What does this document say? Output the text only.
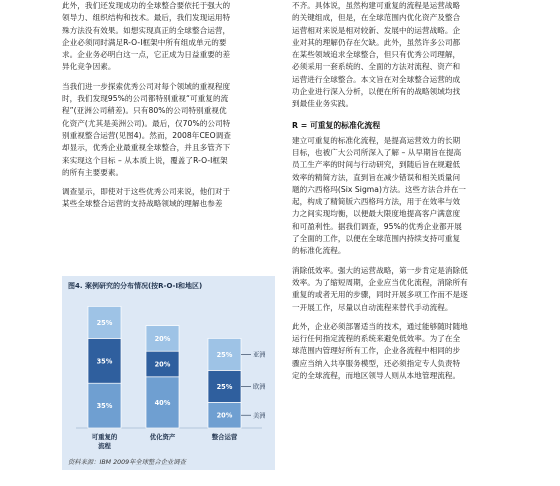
此外，我们还发现成功的全球整合要依托于强大的
领导力、组织结构和技术。最后，我们发现运用特
殊方法没有效果。如想实现真正的全球整合运营，
企业必须同时满足R-O-I框架中所有组成单元的要
求。企业务必明白这一点，它正成为日益重要的差
异化竞争因素。
当我们进一步探索优秀公司对每个领域的重视程度
时，我们发现95%的公司都特别重视“可重复的流
程”(亚洲公司稍差)。只有80%的公司特别重视优
化资产(尤其是美洲公司)。最后，仅70%的公司特
别重视整合运营(见图4)。然而，2008年CEO调查
却显示，优秀企业最重视全球整合，并且多管齐下
来实现这个目标 – 从本质上说，覆盖了R-O-I框架
的所有主要要素。
调查显示，即使对于这些优秀公司来说，他们对于
某些全球整合运营的支持战略领域的理解也参差
不齐。具体说，虽然构建可重复的流程是运营战略
的关键组成，但是，在全球范围内优化资产及整合
运营相对来说是相对较新、发展中的运营战略。企
业对其的理解仍存在欠缺。此外，虽然许多公司都
在某些领域追求全球整合，但只有优秀公司理解，
必须采用一套系统的、全面的方法对流程、资产和
运营进行全球整合。本文旨在对全球整合运营的成
功企业进行深入分析，以便在所有的战略领域均找
到最佳业务实践。
R = 可重复的标准化流程
建立可重复的标准化流程，是提高运营效力的长期
目标，也被广大公司所深入了解 – 从早期旨在提高
员工生产率的时间与行动研究，到随后旨在规避低
效率的精简方法，直到旨在减少错误和相关质量问
题的六西格玛(Six Sigma)方法。这些方法合并在一
起，构成了精简版六西格玛方法，用于在效率与效
力之间实现均衡，以便最大限度地提高客户满意度
和可盈利性。据我们调查，95%的优秀企业都开展
了全面的工作，以便在全球范围内持续支持可重复
的标准化流程。
消除低效率。强大的运营战略，第一步肯定是消除低
效率。为了缩短周期，企业应当优化流程，消除所有
重复的或者无用的步骤，同时开展多项工作而不是逐
一开展工作，尽量以自动流程来替代手动流程。
此外，企业必须部署适当的技术，通过能够随时随地
运行任何指定流程的系统来避免低效率。为了在全
球范围内管理好所有工作，企业各流程中相同的步
骤应当纳入共享服务模型，还必须指定专人负责特
定的全球流程，而地区领导人则从本地管理流程。
图4. 案例研究的分布情况(按R-O-I和地区)
35%
35%
25%
可重复的
流程
40%
20%
20%
优化资产
20%
25%
25%
整合运营
美洲
欧洲
亚洲
资料来源：IBM 2009年全球整合企业调查
